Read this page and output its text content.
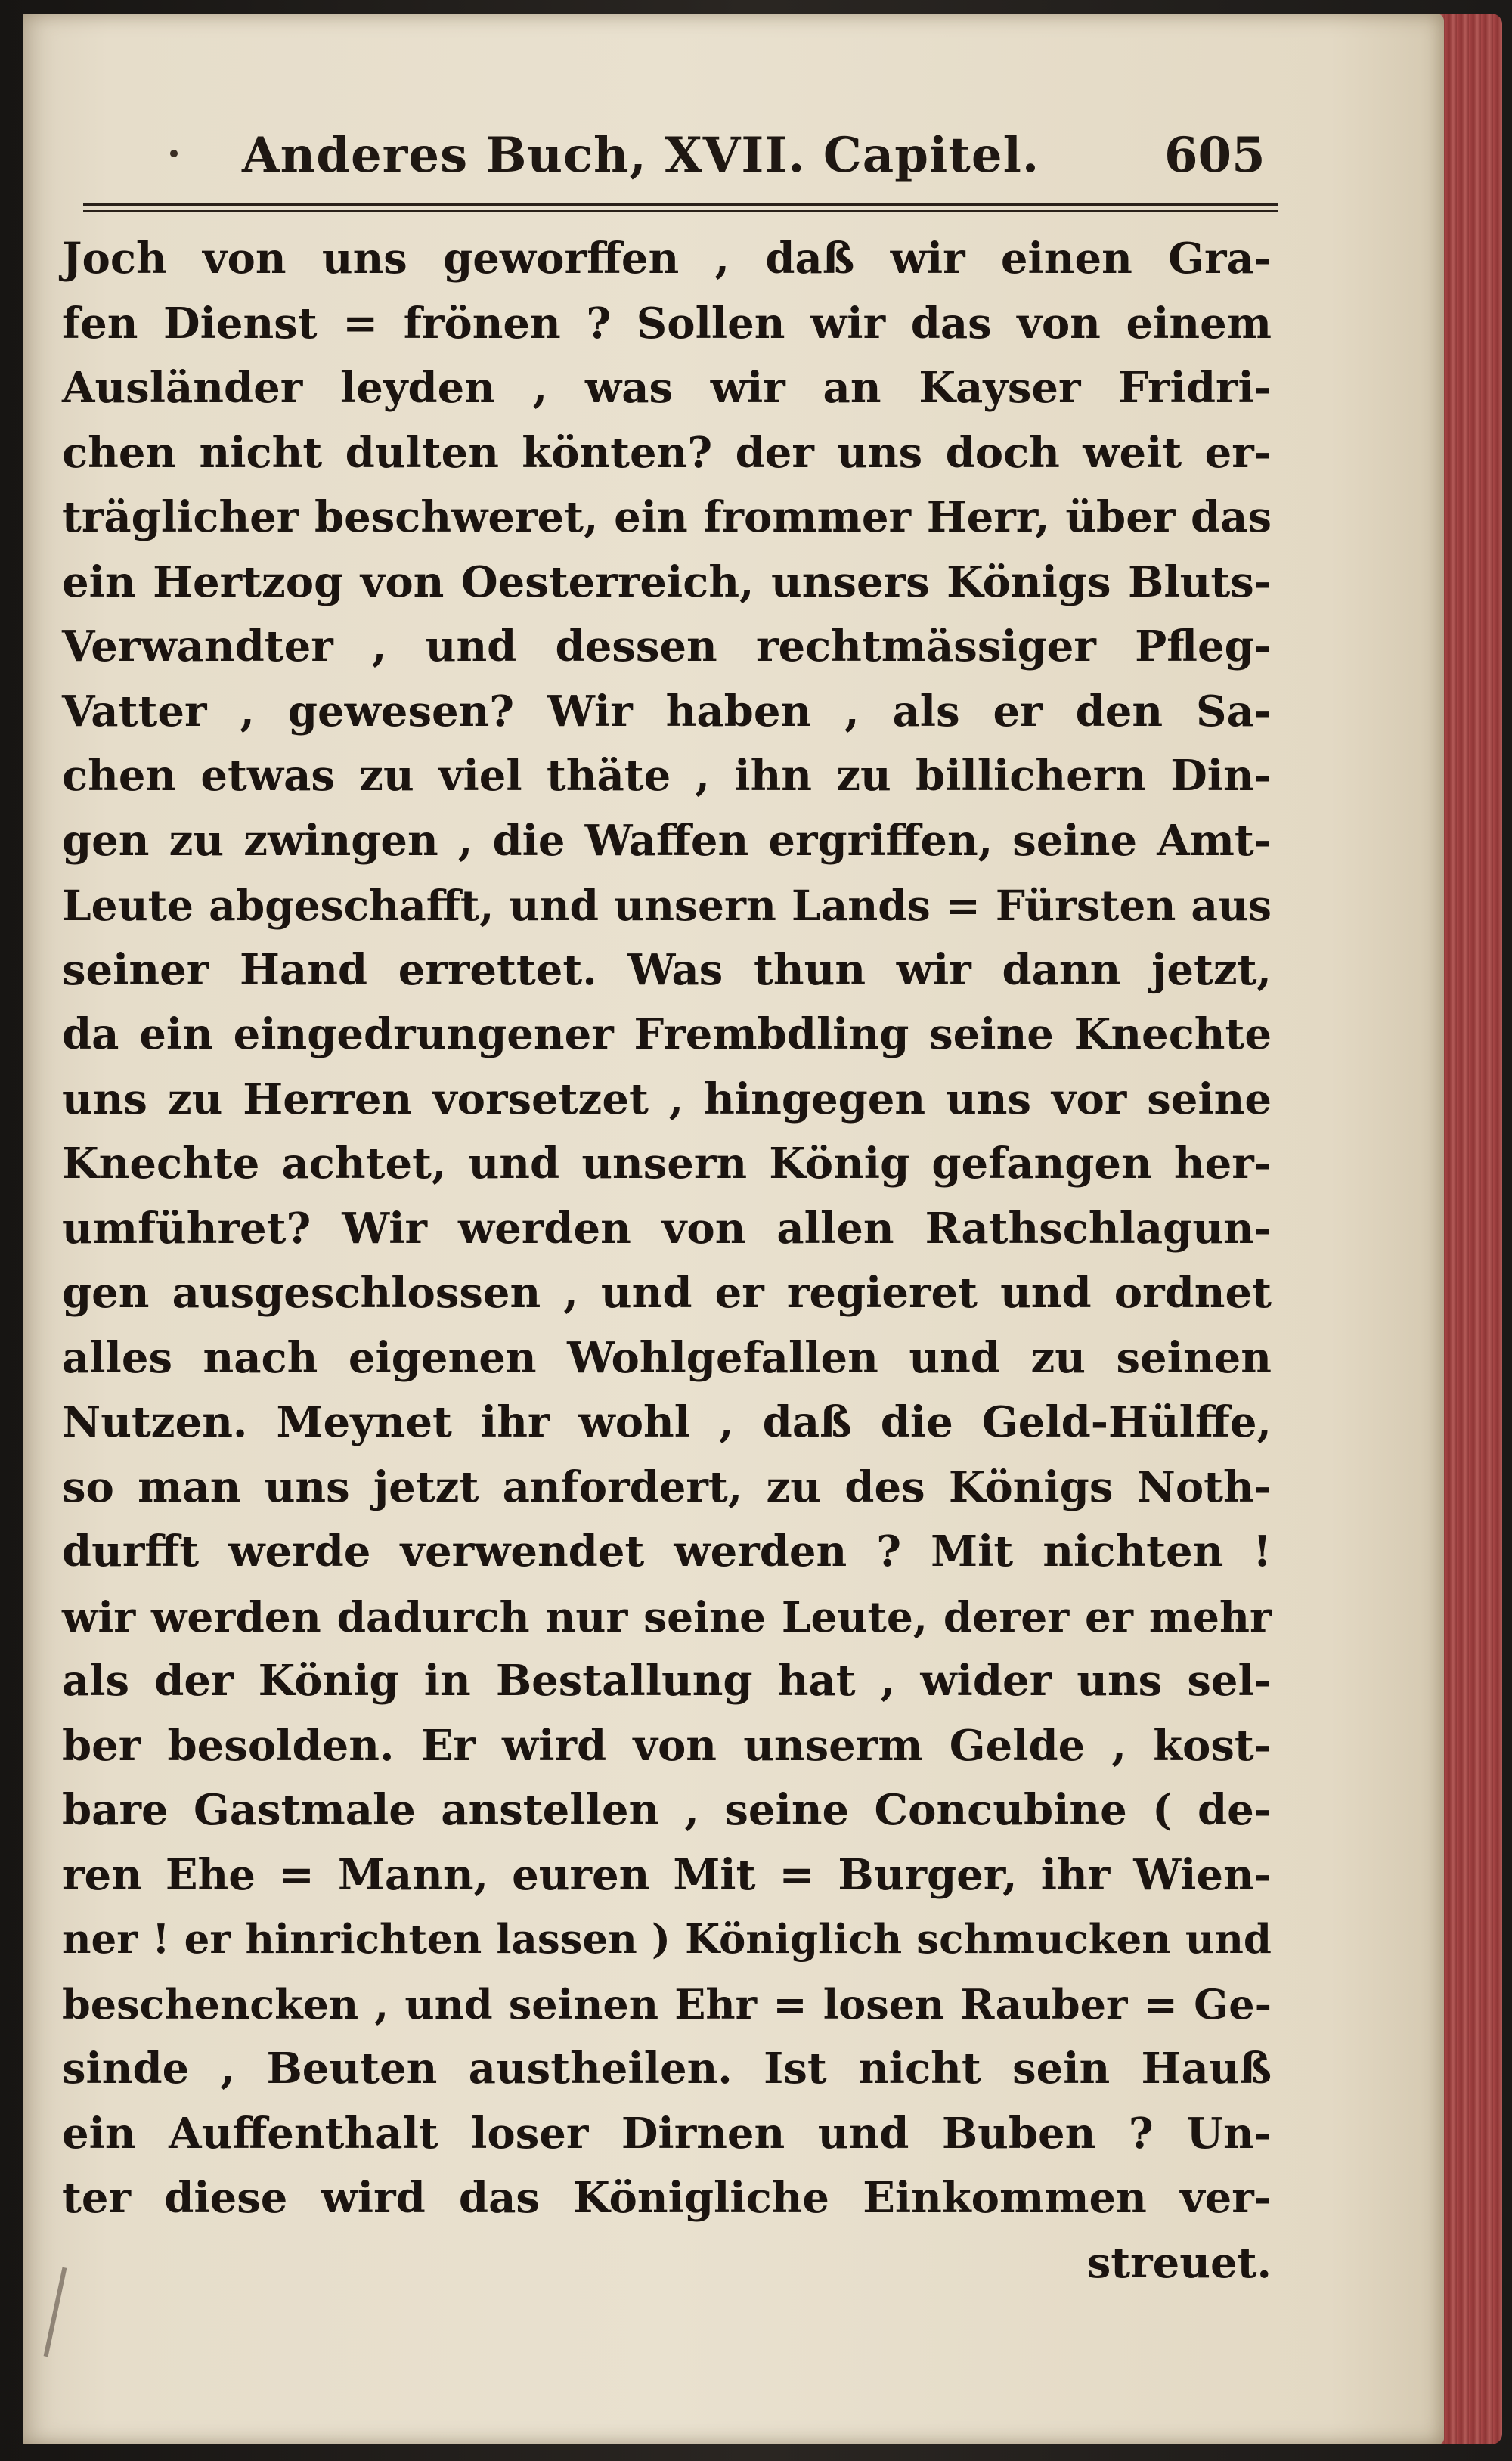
Anderes Buch, XVII. Capitel.	605
Joch von uns geworffen , daß wir einen Gra-
fen Dienst = frönen ? Sollen wir das von einem
Ausländer leyden , was wir an Kayser Fridri-
chen nicht dulten könten? der uns doch weit er-
träglicher beschweret, ein frommer Herr, über das
ein Hertzog von Oesterreich, unsers Königs Bluts-
Verwandter , und dessen rechtmässiger Pfleg-
Vatter , gewesen? Wir haben , als er den Sa-
chen etwas zu viel thäte , ihn zu billichern Din-
gen zu zwingen , die Waffen ergriffen, seine Amt-
Leute abgeschafft, und unsern Lands = Fürsten aus
seiner Hand errettet. Was thun wir dann jetzt,
da ein eingedrungener Frembdling seine Knechte
uns zu Herren vorsetzet , hingegen uns vor seine
Knechte achtet, und unsern König gefangen her-
umführet? Wir werden von allen Rathschlagun-
gen ausgeschlossen , und er regieret und ordnet
alles nach eigenen Wohlgefallen und zu seinen
Nutzen. Meynet ihr wohl , daß die Geld-Hülffe,
so man uns jetzt anfordert, zu des Königs Noth-
durfft werde verwendet werden ? Mit nichten !
wir werden dadurch nur seine Leute, derer er mehr
als der König in Bestallung hat , wider uns sel-
ber besolden. Er wird von unserm Gelde , kost-
bare Gastmale anstellen , seine Concubine ( de-
ren Ehe = Mann, euren Mit = Burger, ihr Wien-
ner ! er hinrichten lassen ) Königlich schmucken und
beschencken , und seinen Ehr = losen Rauber = Ge-
sinde , Beuten austheilen. Ist nicht sein Hauß
ein Auffenthalt loser Dirnen und Buben ? Un-
ter diese wird das Königliche Einkommen ver-
streuet.
